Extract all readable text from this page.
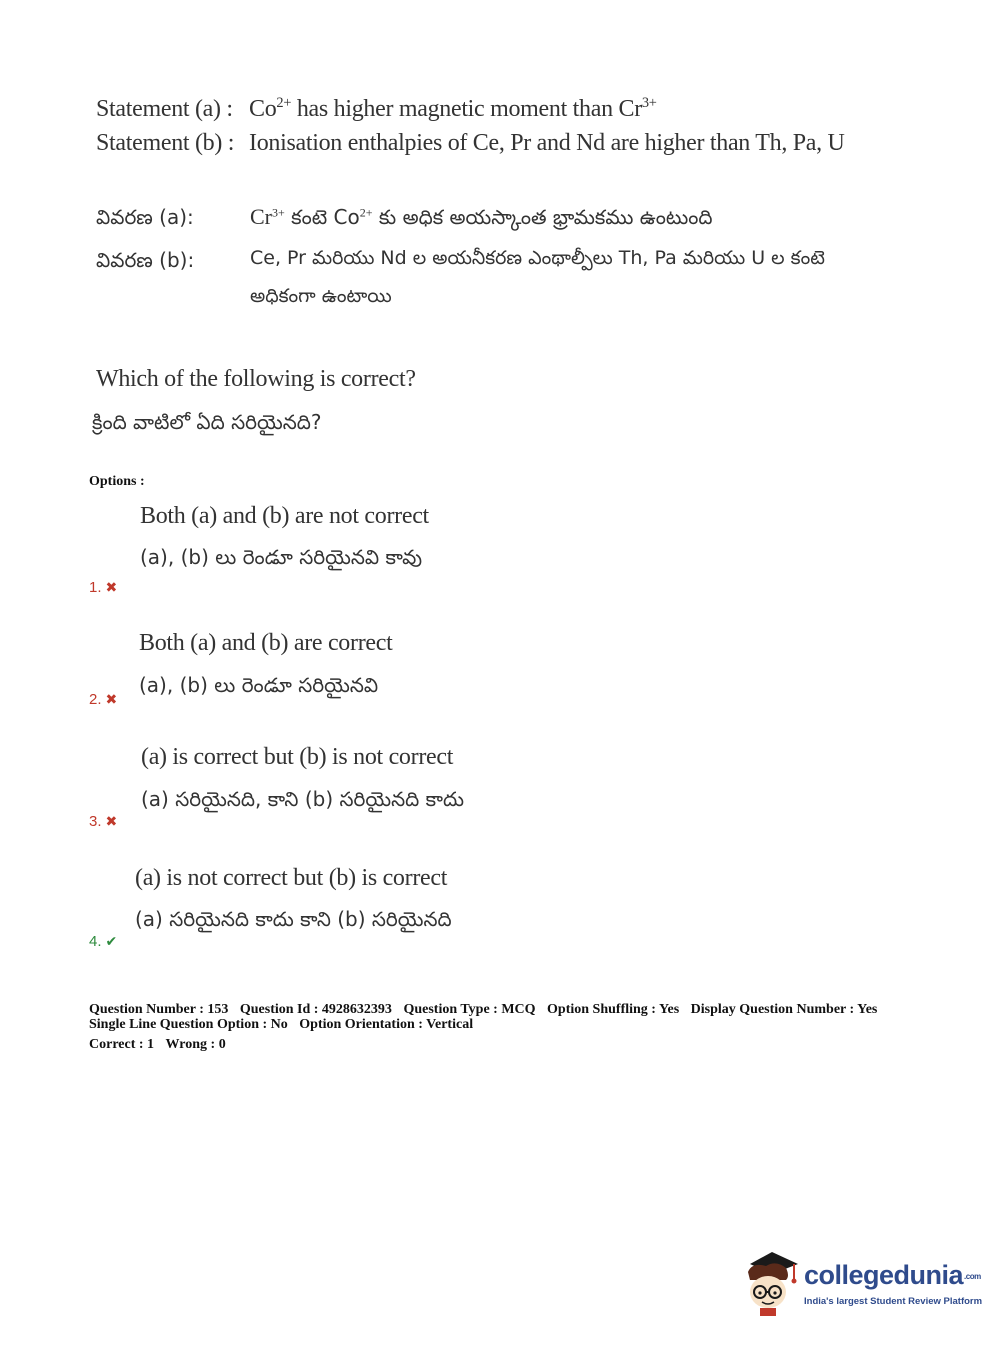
Statement (a) : $Co^{2+}$ has higher magnetic moment than $Cr^{3+}$
Statement (b) : Ionisation enthalpies of Ce, Pr and Nd are higher than Th, Pa, U
వివరణ (a):	$Cr^{3+}$ కంటె $Co^{2+}$ కు అధిక అయస్కాంత భ్రామకము ఉంటుంది
వివరణ (b):	Ce, Pr మరియు Nd ల అయనీకరణ ఎంథాల్పీలు Th, Pa మరియు U ల కంటె
అధికంగా ఉంటాయి
Which of the following is correct?
క్రింది వాటిలో ఏది సరియైనది?
Options :
Both (a) and (b) are not correct
(a), (b) లు రెండూ సరియైనవి కావు
1. ✖
Both (a) and (b) are correct
(a), (b) లు రెండూ సరియైనవి
2. ✖
(a) is correct but (b) is not correct
(a) సరియైనది, కాని (b) సరియైనది కాదు
3. ✖
(a) is not correct but (b) is correct
(a) సరియైనది కాదు కాని (b) సరియైనది
4. ✔
Question Number : 153 Question Id : 4928632393 Question Type : MCQ Option Shuffling : Yes Display Question Number : Yes
Single Line Question Option : No Option Orientation : Vertical
Correct : 1 Wrong : 0
collegedunia.com
India's largest Student Review Platform
